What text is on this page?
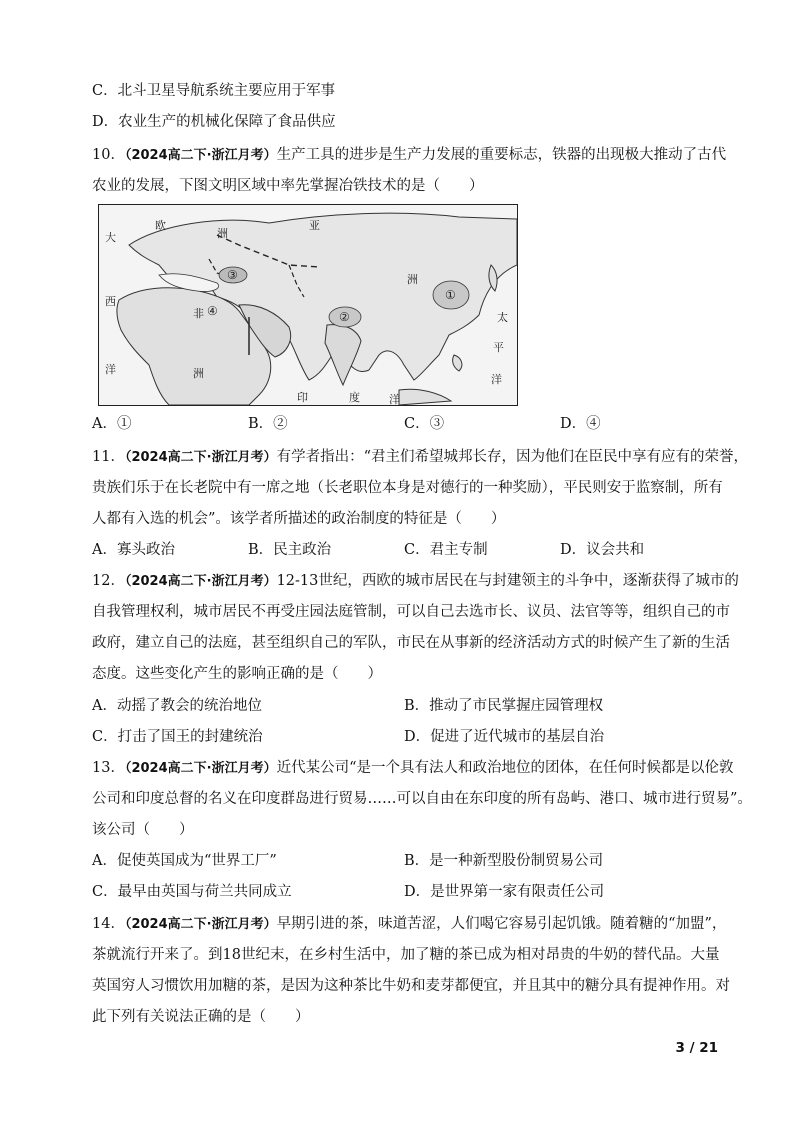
C．北斗卫星导航系统主要应用于军事
D．农业生产的机械化保障了食品供应
10．（2024高二下·浙江月考）生产工具的进步是生产力发展的重要标志，铁器的出现极大推动了古代
农业的发展，下图文明区域中率先掌握冶铁技术的是（　　）
大
西
洋
欧
洲
亚
洲
非
洲
印	度	洋
太
平
洋
①
②
③
④
A．①	B．②	C．③	D．④
11．（2024高二下·浙江月考）有学者指出：“君主们希望城邦长存，因为他们在臣民中享有应有的荣誉，
贵族们乐于在长老院中有一席之地（长老职位本身是对德行的一种奖励），平民则安于监察制，所有
人都有入选的机会”。该学者所描述的政治制度的特征是（　　）
A．寡头政治	B．民主政治	C．君主专制	D．议会共和
12．（2024高二下·浙江月考）12-13世纪，西欧的城市居民在与封建领主的斗争中，逐渐获得了城市的
自我管理权利，城市居民不再受庄园法庭管制，可以自己去选市长、议员、法官等等，组织自己的市
政府，建立自己的法庭，甚至组织自己的军队，市民在从事新的经济活动方式的时候产生了新的生活
态度。这些变化产生的影响正确的是（　　）
A．动摇了教会的统治地位	B．推动了市民掌握庄园管理权
C．打击了国王的封建统治	D．促进了近代城市的基层自治
13．（2024高二下·浙江月考）近代某公司“是一个具有法人和政治地位的团体，在任何时候都是以伦敦
公司和印度总督的名义在印度群岛进行贸易……可以自由在东印度的所有岛屿、港口、城市进行贸易”。
该公司（　　）
A．促使英国成为“世界工厂”	B．是一种新型股份制贸易公司
C．最早由英国与荷兰共同成立	D．是世界第一家有限责任公司
14．（2024高二下·浙江月考）早期引进的茶，味道苦涩，人们喝它容易引起饥饿。随着糖的“加盟”，
茶就流行开来了。到18世纪末，在乡村生活中，加了糖的茶已成为相对昂贵的牛奶的替代品。大量
英国穷人习惯饮用加糖的茶，是因为这种茶比牛奶和麦芽都便宜，并且其中的糖分具有提神作用。对
此下列有关说法正确的是（　　）
3 / 21
